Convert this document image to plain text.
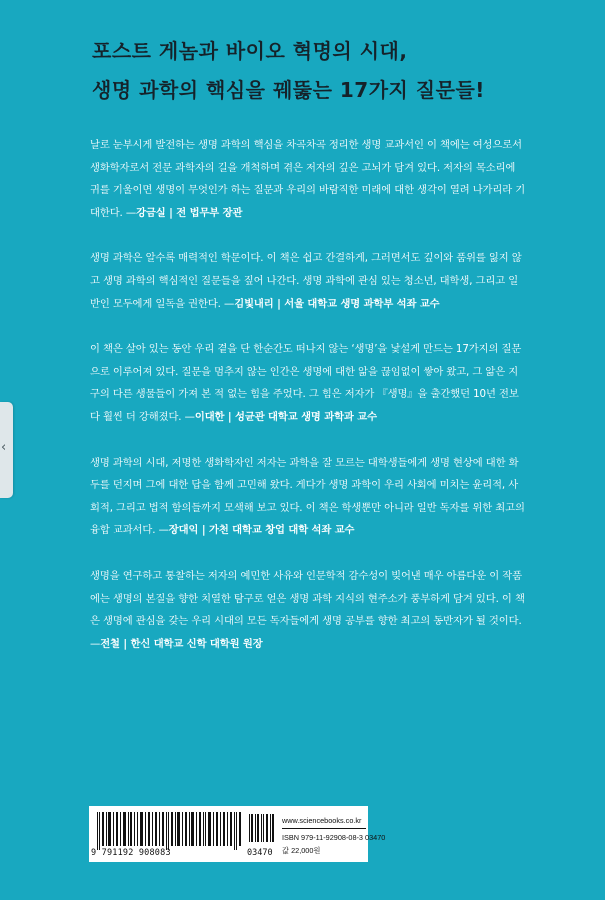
포스트 게놈과 바이오 혁명의 시대,
생명 과학의 핵심을 꿰뚫는 17가지 질문들!

날로 눈부시게 발전하는 생명 과학의 핵심을 차곡차곡 정리한 생명 교과서인 이 책에는 여성으로서 생화학자로서 전문 과학자의 길을 개척하며 겪은 저자의 깊은 고뇌가 담겨 있다. 저자의 목소리에 귀를 기울이면 생명이 무엇인가 하는 질문과 우리의 바람직한 미래에 대한 생각이 열려 나가리라 기대한다. —강금실 | 전 법무부 장관

생명 과학은 알수록 매력적인 학문이다. 이 책은 쉽고 간결하게, 그러면서도 깊이와 품위를 잃지 않고 생명 과학의 핵심적인 질문들을 짚어 나간다. 생명 과학에 관심 있는 청소년, 대학생, 그리고 일반인 모두에게 일독을 권한다. —김빛내리 | 서울 대학교 생명 과학부 석좌 교수

이 책은 살아 있는 동안 우리 곁을 단 한순간도 떠나지 않는 ‘생명’을 낯설게 만드는 17가지의 질문으로 이루어져 있다. 질문을 멈추지 않는 인간은 생명에 대한 앎을 끊임없이 쌓아 왔고, 그 앎은 지구의 다른 생물들이 가져 본 적 없는 힘을 주었다. 그 힘은 저자가 『생명』을 출간했던 10년 전보다 훨씬 더 강해졌다. —이대한 | 성균관 대학교 생명 과학과 교수

생명 과학의 시대, 저명한 생화학자인 저자는 과학을 잘 모르는 대학생들에게 생명 현상에 대한 화두를 던지며 그에 대한 답을 함께 고민해 왔다. 게다가 생명 과학이 우리 사회에 미치는 윤리적, 사회적, 그리고 법적 함의들까지 모색해 보고 있다. 이 책은 학생뿐만 아니라 일반 독자를 위한 최고의 융합 교과서다. —장대익 | 가천 대학교 창업 대학 석좌 교수

생명을 연구하고 통찰하는 저자의 예민한 사유와 인문학적 감수성이 빚어낸 매우 아름다운 이 작품에는 생명의 본질을 향한 치열한 탐구로 얻은 생명 과학 지식의 현주소가 풍부하게 담겨 있다. 이 책은 생명에 관심을 갖는 우리 시대의 모든 독자들에게 생명 공부를 향한 최고의 동반자가 될 것이다. —전철 | 한신 대학교 신학 대학원 원장

‹
9 791192 908083	03470
www.sciencebooks.co.kr
ISBN 979-11-92908-08-3 03470
값 22,000원
